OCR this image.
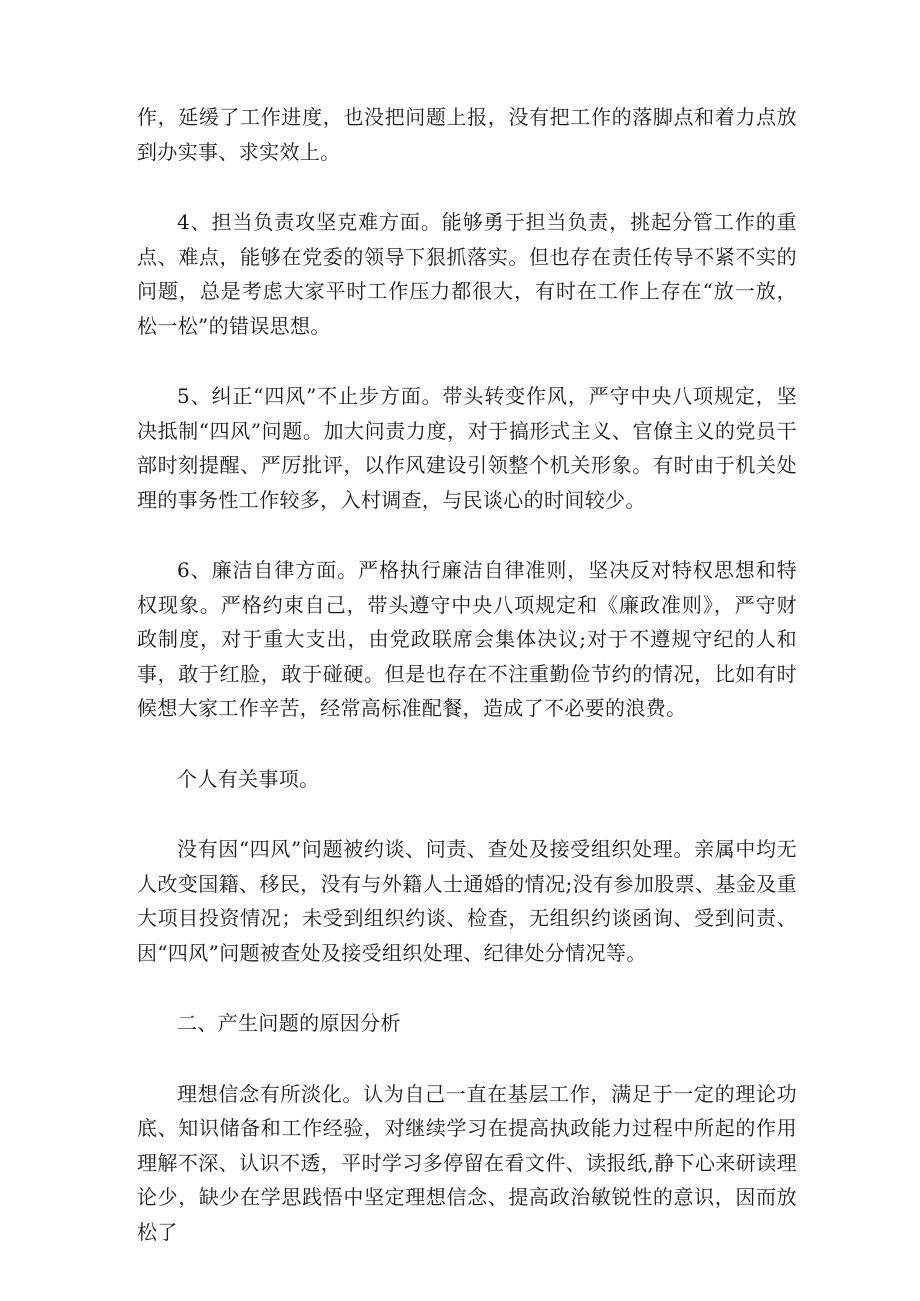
作，延缓了工作进度，也没把问题上报，没有把工作的落脚点和着力点放到办实事、求实效上。

4、担当负责攻坚克难方面。能够勇于担当负责，挑起分管工作的重点、难点，能够在党委的领导下狠抓落实。但也存在责任传导不紧不实的问题，总是考虑大家平时工作压力都很大，有时在工作上存在“放一放，松一松”的错误思想。

5、纠正“四风”不止步方面。带头转变作风，严守中央八项规定，坚决抵制“四风”问题。加大问责力度，对于搞形式主义、官僚主义的党员干部时刻提醒、严厉批评，以作风建设引领整个机关形象。有时由于机关处理的事务性工作较多，入村调查，与民谈心的时间较少。

6、廉洁自律方面。严格执行廉洁自律准则，坚决反对特权思想和特权现象。严格约束自己，带头遵守中央八项规定和《廉政准则》，严守财政制度，对于重大支出，由党政联席会集体决议;对于不遵规守纪的人和事，敢于红脸，敢于碰硬。但是也存在不注重勤俭节约的情况，比如有时候想大家工作辛苦，经常高标准配餐，造成了不必要的浪费。

个人有关事项。

没有因“四风”问题被约谈、问责、查处及接受组织处理。亲属中均无人改变国籍、移民，没有与外籍人士通婚的情况;没有参加股票、基金及重大项目投资情况；未受到组织约谈、检查，无组织约谈函询、受到问责、因“四风”问题被查处及接受组织处理、纪律处分情况等。

二、产生问题的原因分析

理想信念有所淡化。认为自己一直在基层工作，满足于一定的理论功底、知识储备和工作经验，对继续学习在提高执政能力过程中所起的作用理解不深、认识不透，平时学习多停留在看文件、读报纸,静下心来研读理论少，缺少在学思践悟中坚定理想信念、提高政治敏锐性的意识，因而放松了
